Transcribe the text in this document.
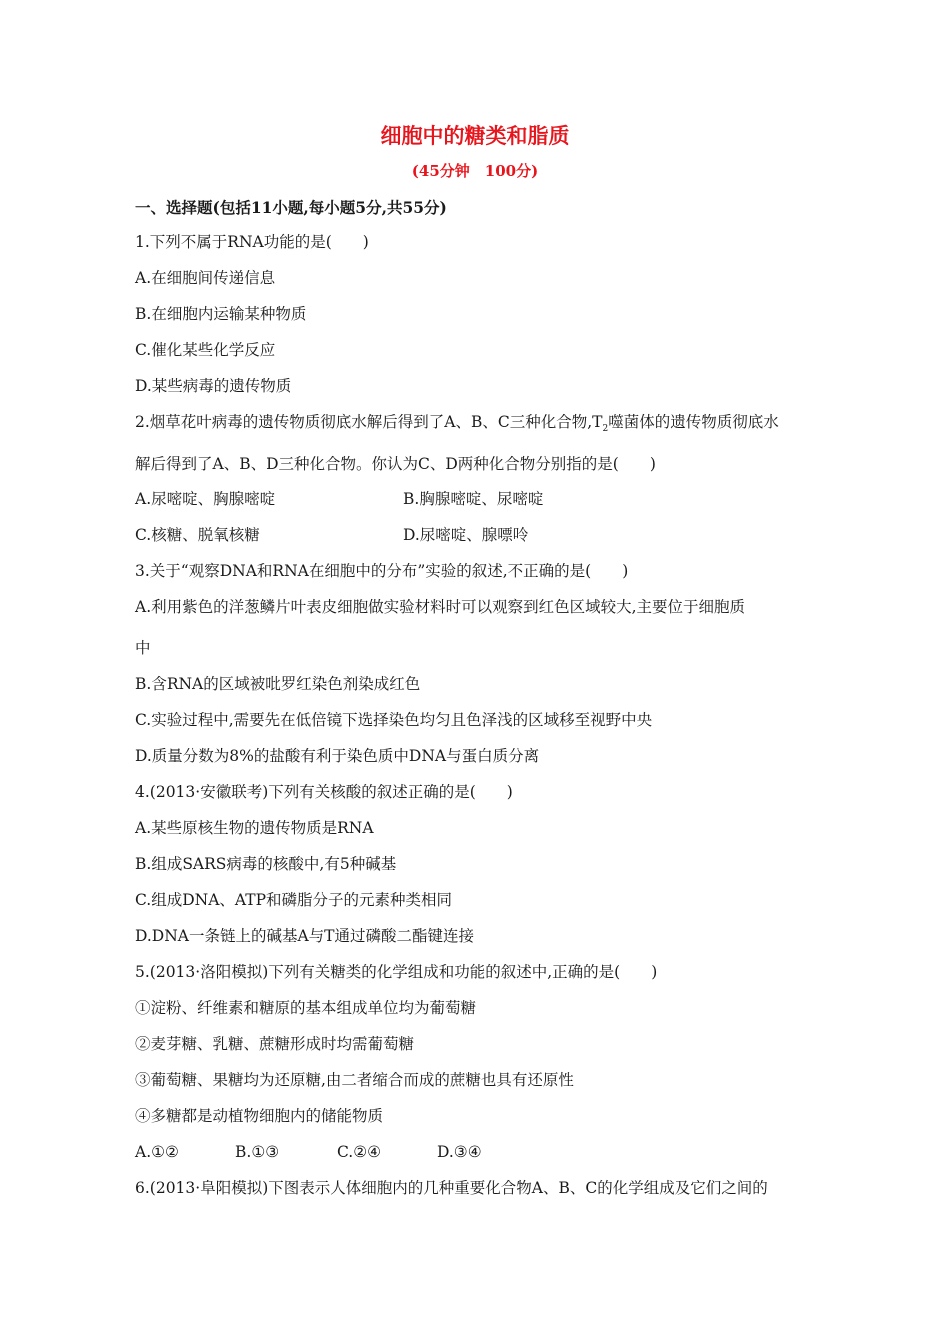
细胞中的糖类和脂质
(45分钟　100分)
一、选择题(包括11小题,每小题5分,共55分)
1.下列不属于RNA功能的是(　　)
A.在细胞间传递信息
B.在细胞内运输某种物质
C.催化某些化学反应
D.某些病毒的遗传物质
2.烟草花叶病毒的遗传物质彻底水解后得到了A、B、C三种化合物$,T_2$噬菌体的遗传物质彻底水
解后得到了A、B、D三种化合物。你认为C、D两种化合物分别指的是(　　)
A.尿嘧啶、胸腺嘧啶	B.胸腺嘧啶、尿嘧啶
C.核糖、脱氧核糖	D.尿嘧啶、腺嘌呤
3.关于“观察DNA和RNA在细胞中的分布”实验的叙述,不正确的是(　　)
A.利用紫色的洋葱鳞片叶表皮细胞做实验材料时可以观察到红色区域较大,主要位于细胞质
中
B.含RNA的区域被吡罗红染色剂染成红色
C.实验过程中,需要先在低倍镜下选择染色均匀且色泽浅的区域移至视野中央
D.质量分数为8%的盐酸有利于染色质中DNA与蛋白质分离
4.(2013·安徽联考)下列有关核酸的叙述正确的是(　　)
A.某些原核生物的遗传物质是RNA
B.组成SARS病毒的核酸中,有5种碱基
C.组成DNA、ATP和磷脂分子的元素种类相同
D.DNA一条链上的碱基A与T通过磷酸二酯键连接
5.(2013·洛阳模拟)下列有关糖类的化学组成和功能的叙述中,正确的是(　　)
①淀粉、纤维素和糖原的基本组成单位均为葡萄糖
②麦芽糖、乳糖、蔗糖形成时均需葡萄糖
③葡萄糖、果糖均为还原糖,由二者缩合而成的蔗糖也具有还原性
④多糖都是动植物细胞内的储能物质
A.①②	B.①③	C.②④	D.③④
6.(2013·阜阳模拟)下图表示人体细胞内的几种重要化合物A、B、C的化学组成及它们之间的
